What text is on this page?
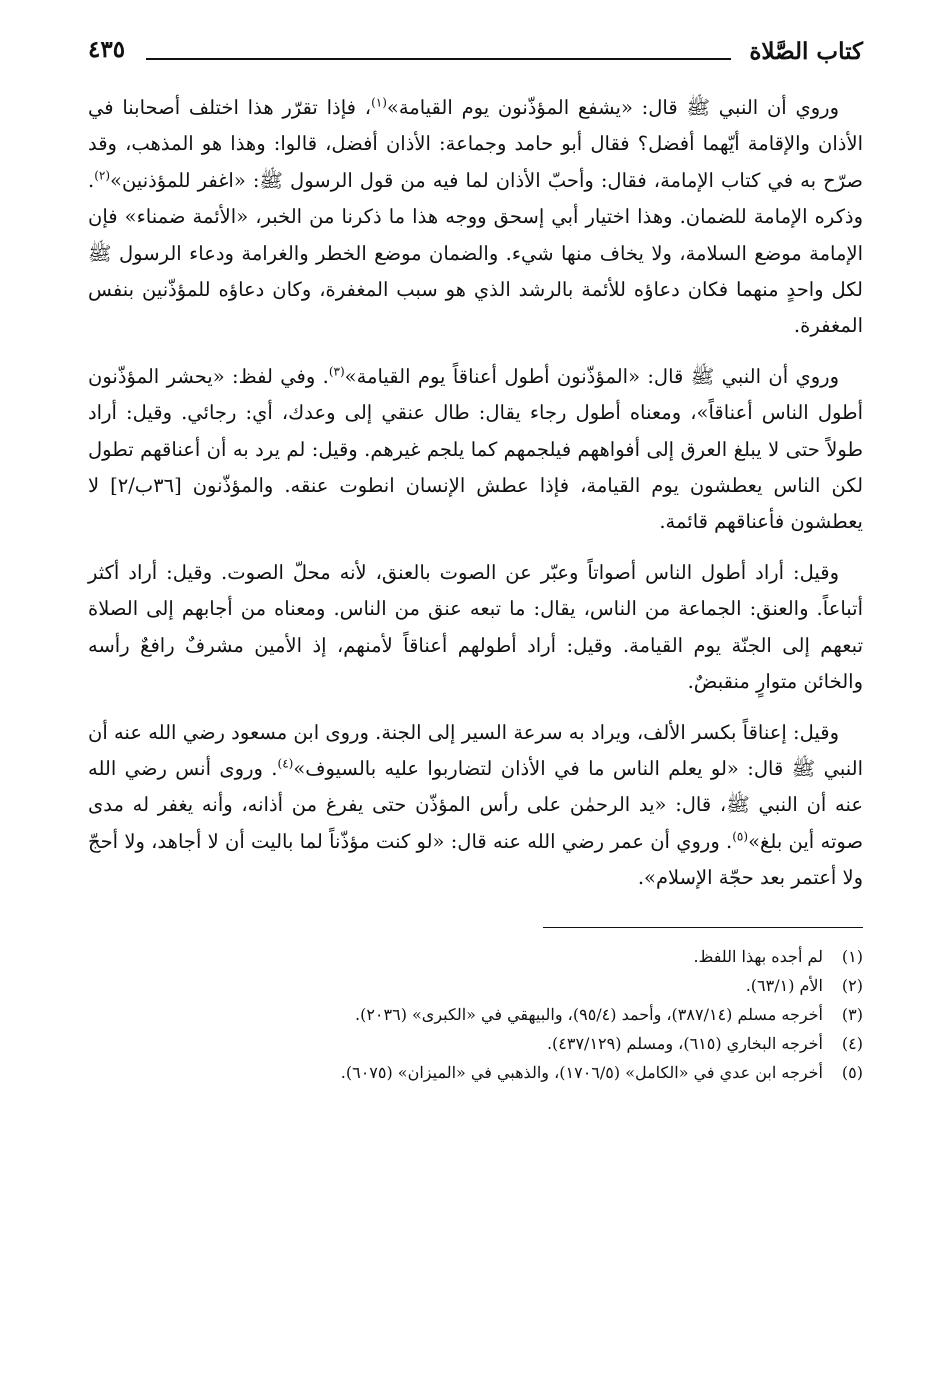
كتاب الصَّلاة
٤٣٥

وروي أن النبي ﷺ قال: «يشفع المؤذّنون يوم القيامة»$^{(١)}$، فإذا تقرّر هذا اختلف أصحابنا في الأذان والإقامة أيّهما أفضل؟ فقال أبو حامد وجماعة: الأذان أفضل، قالوا: وهذا هو المذهب، وقد صرّح به في كتاب الإمامة، فقال: وأحبّ الأذان لما فيه من قول الرسول ﷺ: «اغفر للمؤذنين»$^{(٢)}$. وذكره الإمامة للضمان. وهذا اختيار أبي إسحق ووجه هذا ما ذكرنا من الخبر، «الأئمة ضمناء» فإن الإمامة موضع السلامة، ولا يخاف منها شيء. والضمان موضع الخطر والغرامة ودعاء الرسول ﷺ لكل واحدٍ منهما فكان دعاؤه للأئمة بالرشد الذي هو سبب المغفرة، وكان دعاؤه للمؤذّنين بنفس المغفرة.

وروي أن النبي ﷺ قال: «المؤذّنون أطول أعناقاً يوم القيامة»$^{(٣)}$. وفي لفظ: «يحشر المؤذّنون أطول الناس أعناقاً»، ومعناه أطول رجاء يقال: طال عنقي إلى وعدك، أي: رجائي. وقيل: أراد طولاً حتى لا يبلغ العرق إلى أفواههم فيلجمهم كما يلجم غيرهم. وقيل: لم يرد به أن أعناقهم تطول لكن الناس يعطشون يوم القيامة، فإذا عطش الإنسان انطوت عنقه. والمؤذّنون [٣٦ب/٢] لا يعطشون فأعناقهم قائمة.

وقيل: أراد أطول الناس أصواتاً وعبّر عن الصوت بالعنق، لأنه محلّ الصوت. وقيل: أراد أكثر أتباعاً. والعنق: الجماعة من الناس، يقال: ما تبعه عنق من الناس. ومعناه من أجابهم إلى الصلاة تبعهم إلى الجنّة يوم القيامة. وقيل: أراد أطولهم أعناقاً لأمنهم، إذ الأمين مشرفٌ رافعٌ رأسه والخائن متوارٍ منقبضٌ.

وقيل: إعناقاً بكسر الألف، ويراد به سرعة السير إلى الجنة. وروى ابن مسعود رضي الله عنه أن النبي ﷺ قال: «لو يعلم الناس ما في الأذان لتضاربوا عليه بالسيوف»$^{(٤)}$. وروى أنس رضي الله عنه أن النبي ﷺ، قال: «يد الرحمٰن على رأس المؤذّن حتى يفرغ من أذانه، وأنه يغفر له مدى صوته أين بلغ»$^{(٥)}$. وروي أن عمر رضي الله عنه قال: «لو كنت مؤذّناً لما باليت أن لا أجاهد، ولا أحجّ ولا أعتمر بعد حجّة الإسلام».

(١)لم أجده بهذا اللفظ.
(٢)الأم (٦٣/١).
(٣)أخرجه مسلم (٣٨٧/١٤)، وأحمد (٩٥/٤)، والبيهقي في «الكبرى» (٢٠٣٦).
(٤)أخرجه البخاري (٦١٥)، ومسلم (٤٣٧/١٢٩).
(٥)أخرجه ابن عدي في «الكامل» (١٧٠٦/٥)، والذهبي في «الميزان» (٦٠٧٥).
